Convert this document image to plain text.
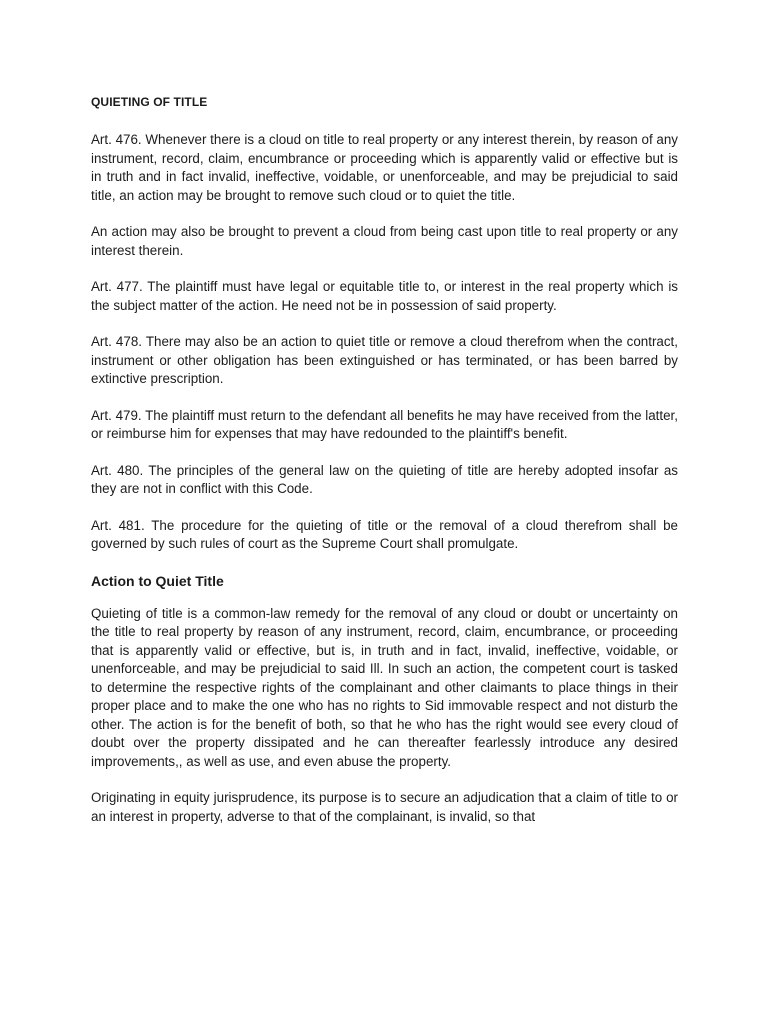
QUIETING OF TITLE

Art. 476. Whenever there is a cloud on title to real property or any interest therein, by reason of any instrument, record, claim, encumbrance or proceeding which is apparently valid or effective but is in truth and in fact invalid, ineffective, voidable, or unenforceable, and may be prejudicial to said title, an action may be brought to remove such cloud or to quiet the title.

An action may also be brought to prevent a cloud from being cast upon title to real property or any interest therein.

Art. 477. The plaintiff must have legal or equitable title to, or interest in the real property which is the subject matter of the action. He need not be in possession of said property.

Art. 478. There may also be an action to quiet title or remove a cloud therefrom when the contract, instrument or other obligation has been extinguished or has terminated, or has been barred by extinctive prescription.

Art. 479. The plaintiff must return to the defendant all benefits he may have received from the latter, or reimburse him for expenses that may have redounded to the plaintiff's benefit.

Art. 480. The principles of the general law on the quieting of title are hereby adopted insofar as they are not in conflict with this Code.

Art. 481. The procedure for the quieting of title or the removal of a cloud therefrom shall be governed by such rules of court as the Supreme Court shall promulgate.

Action to Quiet Title

Quieting of title is a common-law remedy for the removal of any cloud or doubt or uncertainty on the title to real property by reason of any instrument, record, claim, encumbrance, or proceeding that is apparently valid or effective, but is, in truth and in fact, invalid, ineffective, voidable, or unenforceable, and may be prejudicial to said Ill. In such an action, the competent court is tasked to determine the respective rights of the complainant and other claimants to place things in their proper place and to make the one who has no rights to Sid immovable respect and not disturb the other. The action is for the benefit of both, so that he who has the right would see every cloud of doubt over the property dissipated and he can thereafter fearlessly introduce any desired improvements,, as well as use, and even abuse the property.

Originating in equity jurisprudence, its purpose is to secure an adjudication that a claim of title to or an interest in property, adverse to that of the complainant, is invalid, so that
